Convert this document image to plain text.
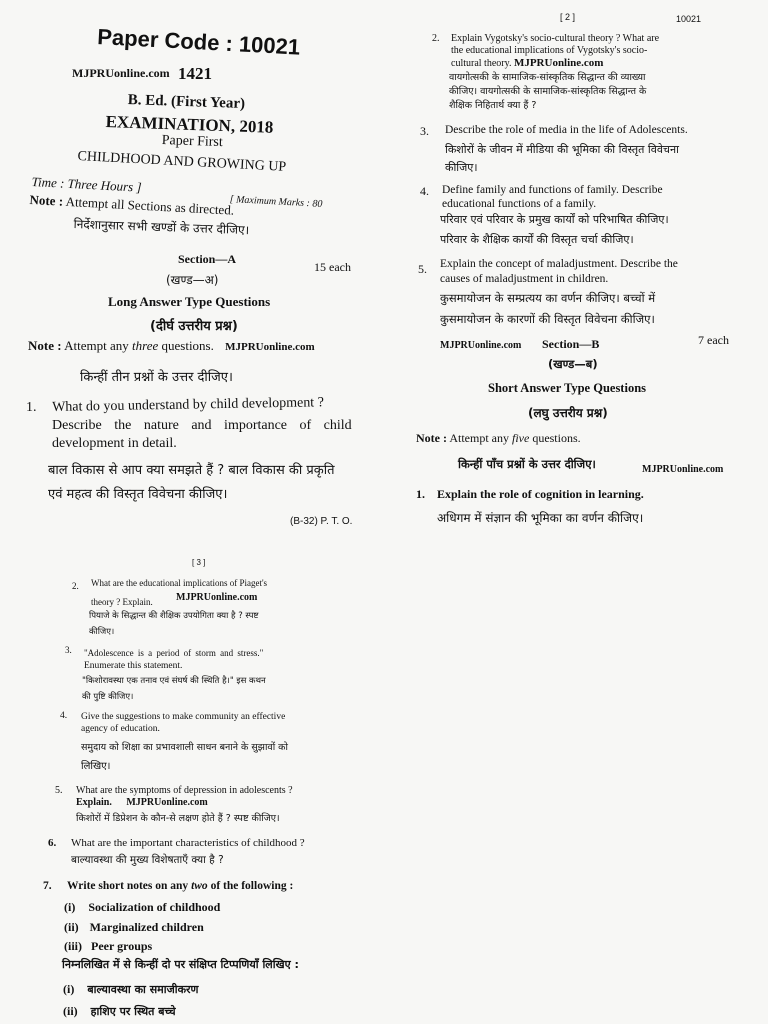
Paper Code : 10021
MJPRUonline.com 1421
B. Ed. (First Year)
EXAMINATION, 2018
Paper First
CHILDHOOD AND GROWING UP
Time : Three Hours ]
[ Maximum Marks : 80
Note : Attempt all Sections as directed.
निर्देशानुसार सभी खण्डों के उत्तर दीजिए।
Section—A
15 each
(खण्ड—अ)
Long Answer Type Questions
(दीर्घ उत्तरीय प्रश्न)
Note : Attempt any three questions. MJPRUonline.com
किन्हीं तीन प्रश्नों के उत्तर दीजिए।
1. What do you understand by child development ?
Describe the nature and importance of child
development in detail.
बाल विकास से आप क्या समझते हैं ? बाल विकास की प्रकृति
एवं महत्व की विस्तृत विवेचना कीजिए।
(B-32) P. T. O.
[ 2 ]	10021
2. Explain Vygotsky's socio-cultural theory ? What are
the educational implications of Vygotsky's socio-
cultural theory. MJPRUonline.com
वायगोत्सकी के सामाजिक-सांस्कृतिक सिद्धान्त की व्याख्या
कीजिए। वायगोत्सकी के सामाजिक-सांस्कृतिक सिद्धान्त के
शैक्षिक निहितार्थ क्या हैं ?
3. Describe the role of media in the life of Adolescents.
किशोरों के जीवन में मीडिया की भूमिका की विस्तृत विवेचना
कीजिए।
4. Define family and functions of family. Describe
educational functions of a family.
परिवार एवं परिवार के प्रमुख कार्यों को परिभाषित कीजिए।
परिवार के शैक्षिक कार्यों की विस्तृत चर्चा कीजिए।
5. Explain the concept of maladjustment. Describe the
causes of maladjustment in children.
कुसमायोजन के सम्प्रत्यय का वर्णन कीजिए। बच्चों में
कुसमायोजन के कारणों की विस्तृत विवेचना कीजिए।
MJPRUonline.com Section—B	7 each
(खण्ड—ब)
Short Answer Type Questions
(लघु उत्तरीय प्रश्न)
Note : Attempt any five questions.
किन्हीं पाँच प्रश्नों के उत्तर दीजिए।	MJPRUonline.com
1. Explain the role of cognition in learning.
अधिगम में संज्ञान की भूमिका का वर्णन कीजिए।
[ 3 ]
2. What are the educational implications of Piaget's
theory ? Explain. MJPRUonline.com
पियाजे के सिद्धान्त की शैक्षिक उपयोगिता क्या है ? स्पष्ट
कीजिए।
3. "Adolescence is a period of storm and stress."
Enumerate this statement.
"किशोरावस्था एक तनाव एवं संघर्ष की स्थिति है।" इस कथन
की पुष्टि कीजिए।
4. Give the suggestions to make community an effective
agency of education.
समुदाय को शिक्षा का प्रभावशाली साधन बनाने के सुझावों को
लिखिए।
5. What are the symptoms of depression in adolescents ?
Explain. MJPRUonline.com
किशोरों में डिप्रेशन के कौन-से लक्षण होते हैं ? स्पष्ट कीजिए।
6. What are the important characteristics of childhood ?
बाल्यावस्था की मुख्य विशेषताएँ क्या है ?
7. Write short notes on any two of the following :
(i) Socialization of childhood
(ii) Marginalized children
(iii) Peer groups
निम्नलिखित में से किन्हीं दो पर संक्षिप्त टिप्पणियाँ लिखिए :
(i) बाल्यावस्था का समाजीकरण
(ii) हाशिए पर स्थित बच्चे
